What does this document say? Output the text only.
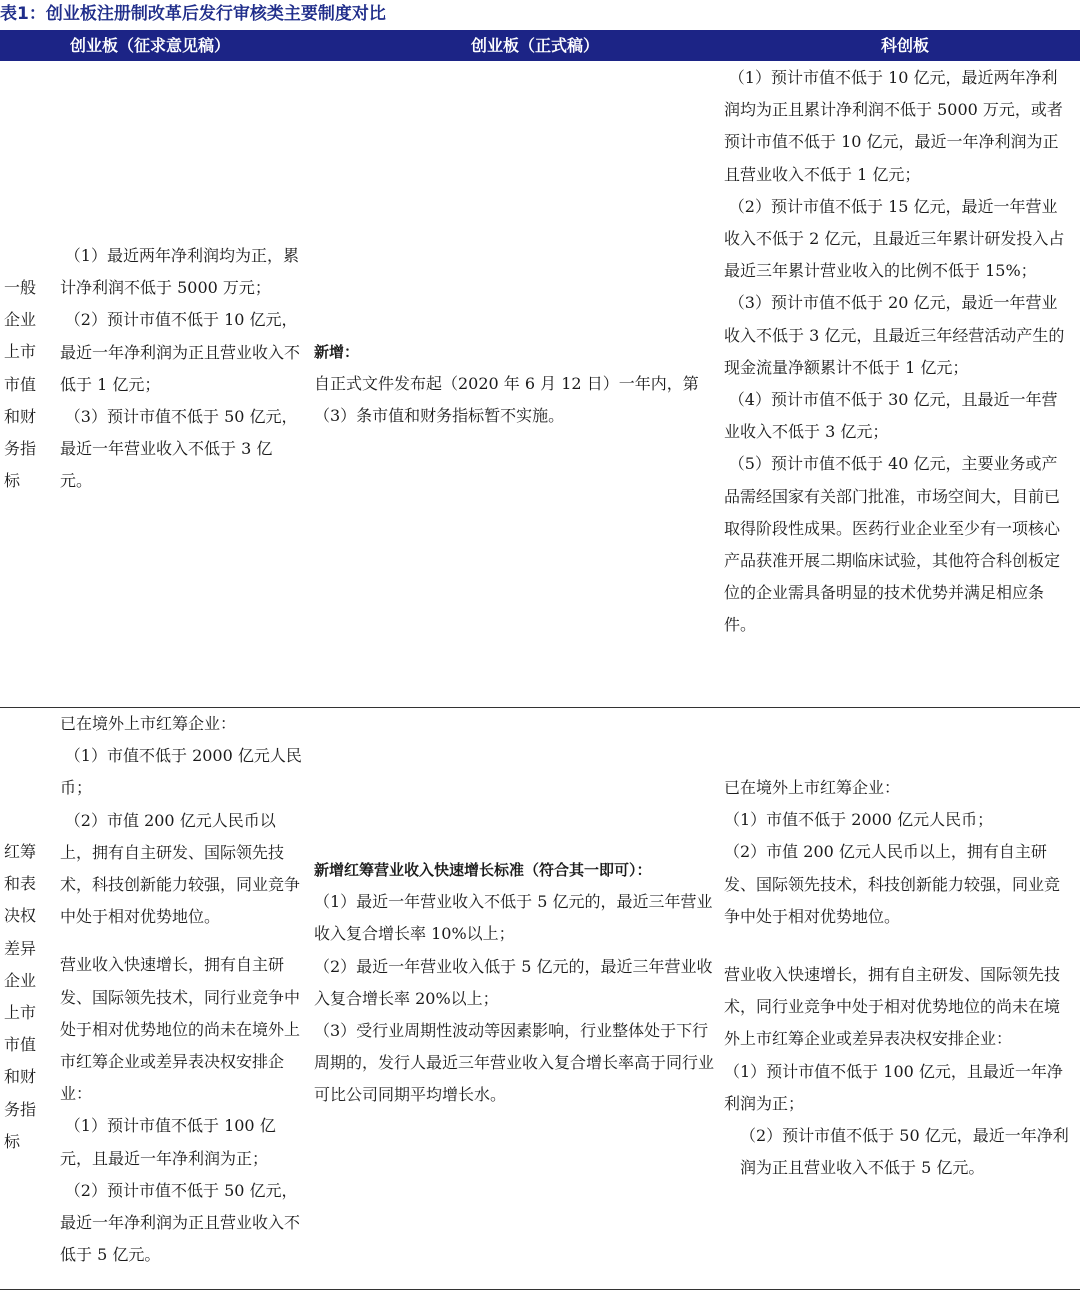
表1：创业板注册制改革后发行审核类主要制度对比
创业板（征求意见稿）	创业板（正式稿）	科创板
一般
企业
上市
市值
和财
务指
标

（1）最近两年净利润均为正，累计净利润不低于 5000 万元；

（2）预计市值不低于 10 亿元，最近一年净利润为正且营业收入不低于 1 亿元；

（3）预计市值不低于 50 亿元，最近一年营业收入不低于 3 亿元。

新增：

自正式文件发布起（2020 年 6 月 12 日）一年内，第（3）条市值和财务指标暂不实施。

（1）预计市值不低于 10 亿元，最近两年净利润均为正且累计净利润不低于 5000 万元，或者预计市值不低于 10 亿元，最近一年净利润为正且营业收入不低于 1 亿元；

（2）预计市值不低于 15 亿元，最近一年营业收入不低于 2 亿元，且最近三年累计研发投入占最近三年累计营业收入的比例不低于 15%；

（3）预计市值不低于 20 亿元，最近一年营业收入不低于 3 亿元，且最近三年经营活动产生的现金流量净额累计不低于 1 亿元；

（4）预计市值不低于 30 亿元，且最近一年营业收入不低于 3 亿元；

（5）预计市值不低于 40 亿元，主要业务或产品需经国家有关部门批准，市场空间大，目前已取得阶段性成果。医药行业企业至少有一项核心产品获准开展二期临床试验，其他符合科创板定位的企业需具备明显的技术优势并满足相应条件。

红筹
和表
决权
差异
企业
上市
市值
和财
务指
标

已在境外上市红筹企业：

（1）市值不低于 2000 亿元人民币；

（2）市值 200 亿元人民币以上，拥有自主研发、国际领先技术，科技创新能力较强，同业竞争中处于相对优势地位。

营业收入快速增长，拥有自主研发、国际领先技术，同行业竞争中处于相对优势地位的尚未在境外上市红筹企业或差异表决权安排企业：

（1）预计市值不低于 100 亿元，且最近一年净利润为正；

（2）预计市值不低于 50 亿元，最近一年净利润为正且营业收入不低于 5 亿元。

新增红筹营业收入快速增长标准（符合其一即可）：

（1）最近一年营业收入不低于 5 亿元的，最近三年营业收入复合增长率 10%以上；

（2）最近一年营业收入低于 5 亿元的，最近三年营业收入复合增长率 20%以上；

（3）受行业周期性波动等因素影响，行业整体处于下行周期的，发行人最近三年营业收入复合增长率高于同行业可比公司同期平均增长水。

已在境外上市红筹企业：

（1）市值不低于 2000 亿元人民币；

（2）市值 200 亿元人民币以上，拥有自主研发、国际领先技术，科技创新能力较强，同业竞争中处于相对优势地位。

营业收入快速增长，拥有自主研发、国际领先技术，同行业竞争中处于相对优势地位的尚未在境外上市红筹企业或差异表决权安排企业：

（1）预计市值不低于 100 亿元，且最近一年净利润为正；

（2）预计市值不低于 50 亿元，最近一年净利润为正且营业收入不低于 5 亿元。
